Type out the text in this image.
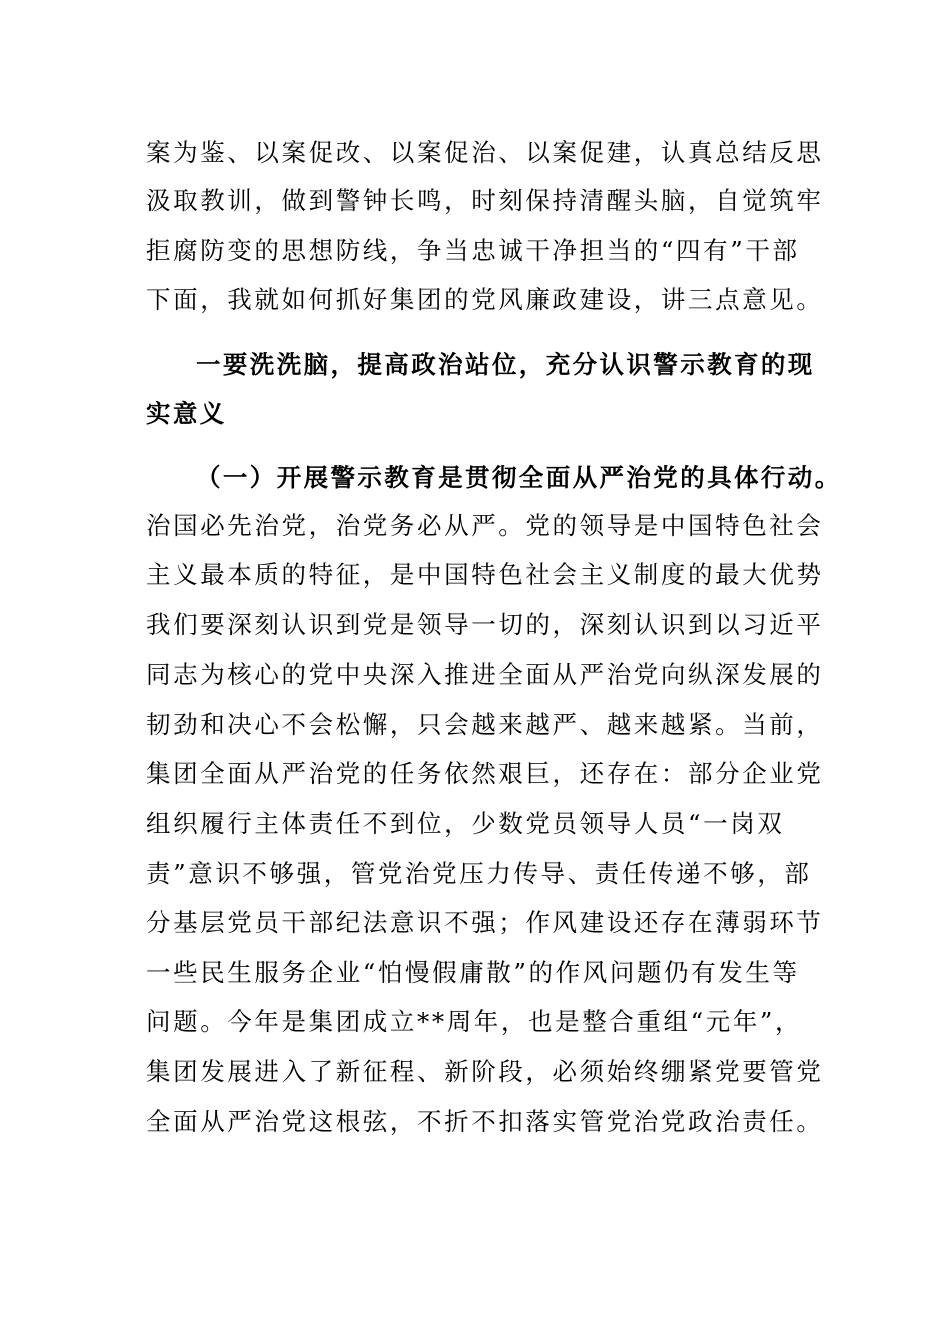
案为鉴、以案促改、以案促治、以案促建，认真总结反思
汲取教训，做到警钟长鸣，时刻保持清醒头脑，自觉筑牢
拒腐防变的思想防线，争当忠诚干净担当的“四有”干部
下面，我就如何抓好集团的党风廉政建设，讲三点意见。
一要洗洗脑，提高政治站位，充分认识警示教育的现
实意义
（一）开展警示教育是贯彻全面从严治党的具体行动。
治国必先治党，治党务必从严。党的领导是中国特色社会
主义最本质的特征，是中国特色社会主义制度的最大优势
我们要深刻认识到党是领导一切的，深刻认识到以习近平
同志为核心的党中央深入推进全面从严治党向纵深发展的
韧劲和决心不会松懈，只会越来越严、越来越紧。当前，
集团全面从严治党的任务依然艰巨，还存在：部分企业党
组织履行主体责任不到位，少数党员领导人员“一岗双
责”意识不够强，管党治党压力传导、责任传递不够，部
分基层党员干部纪法意识不强；作风建设还存在薄弱环节
一些民生服务企业“怕慢假庸散”的作风问题仍有发生等
问题。今年是集团成立**周年，也是整合重组“元年”，
集团发展进入了新征程、新阶段，必须始终绷紧党要管党
全面从严治党这根弦，不折不扣落实管党治党政治责任。
